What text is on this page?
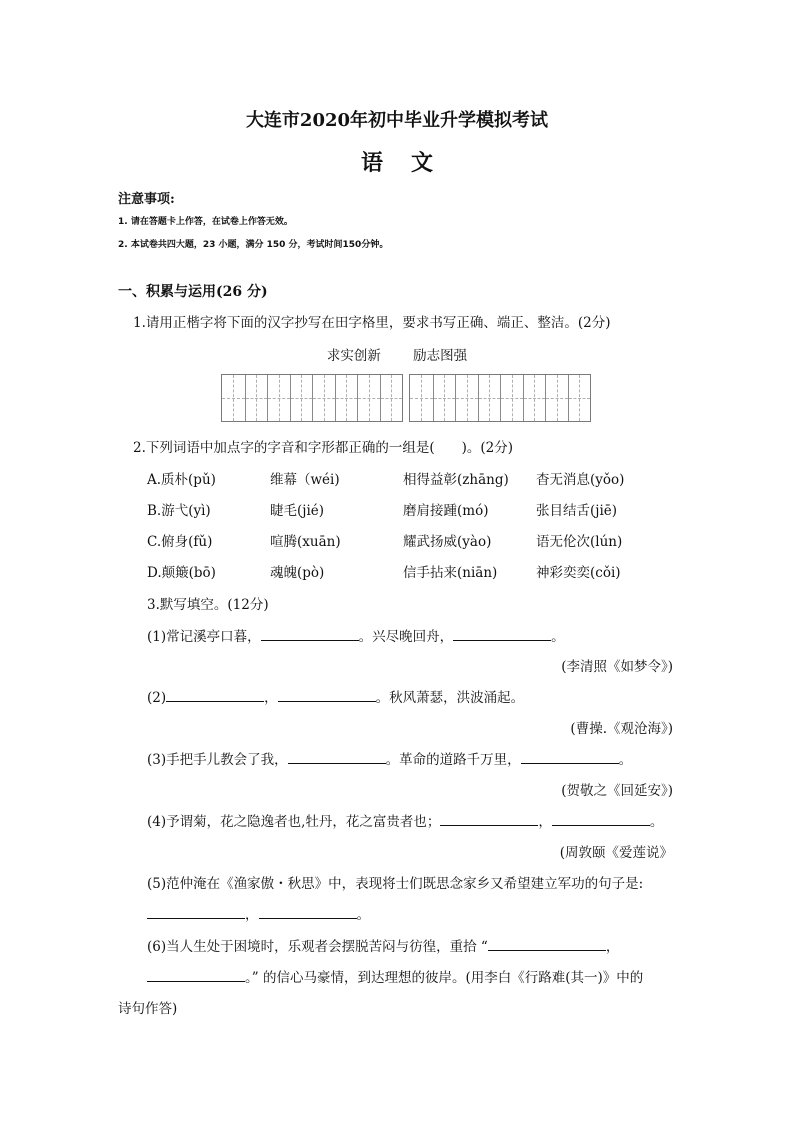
大连市2020年初中毕业升学模拟考试
语文
注意事项:
1. 请在答题卡上作答，在试卷上作答无效。
2. 本试卷共四大题，23 小题，满分 150 分，考试时间150分钟。
一、积累与运用(26 分)
1.请用正楷字将下面的汉字抄写在田字格里，要求书写正确、端正、整洁。(2分)
求实创新 励志图强
2.下列词语中加点字的字音和字形都正确的一组是(　　)。(2分)
A.质朴(pǔ)	维幕（wéi)	相得益彰(zhāng) 杳无消息(yǒo)
B.游弋(yì)	睫毛(jié)	磨肩接踵(mó)	张目结舌(jiē)
C.俯身(fǔ)	喧腾(xuān)	耀武扬威(yào)	语无伦次(lún)
D.颠簸(bō)	魂魄(pò)	信手拈来(niān)	神彩奕奕(cǒi)
3.默写填空。(12分)
(1)常记溪亭口暮，	。兴尽晚回舟，	。
(李清照《如梦令》)
(2)	，	。秋风萧瑟，洪波涌起。
(曹操.《观沧海》)
(3)手把手儿教会了我，	。革命的道路千万里，	。
(贺敬之《回延安》)
(4)予谓菊，花之隐逸者也,牡丹，花之富贵者也；	，	。
(周敦颐《爱莲说》
(5)范仲淹在《渔家傲・秋思》中，表现将士们既思念家乡又希望建立军功的句子是:
，	。
(6)当人生处于困境时，乐观者会摆脱苦闷与彷徨，重拾 “	，
。” 的信心马豪情，到达理想的彼岸。(用李白《行路难(其一)》中的
诗句作答)
